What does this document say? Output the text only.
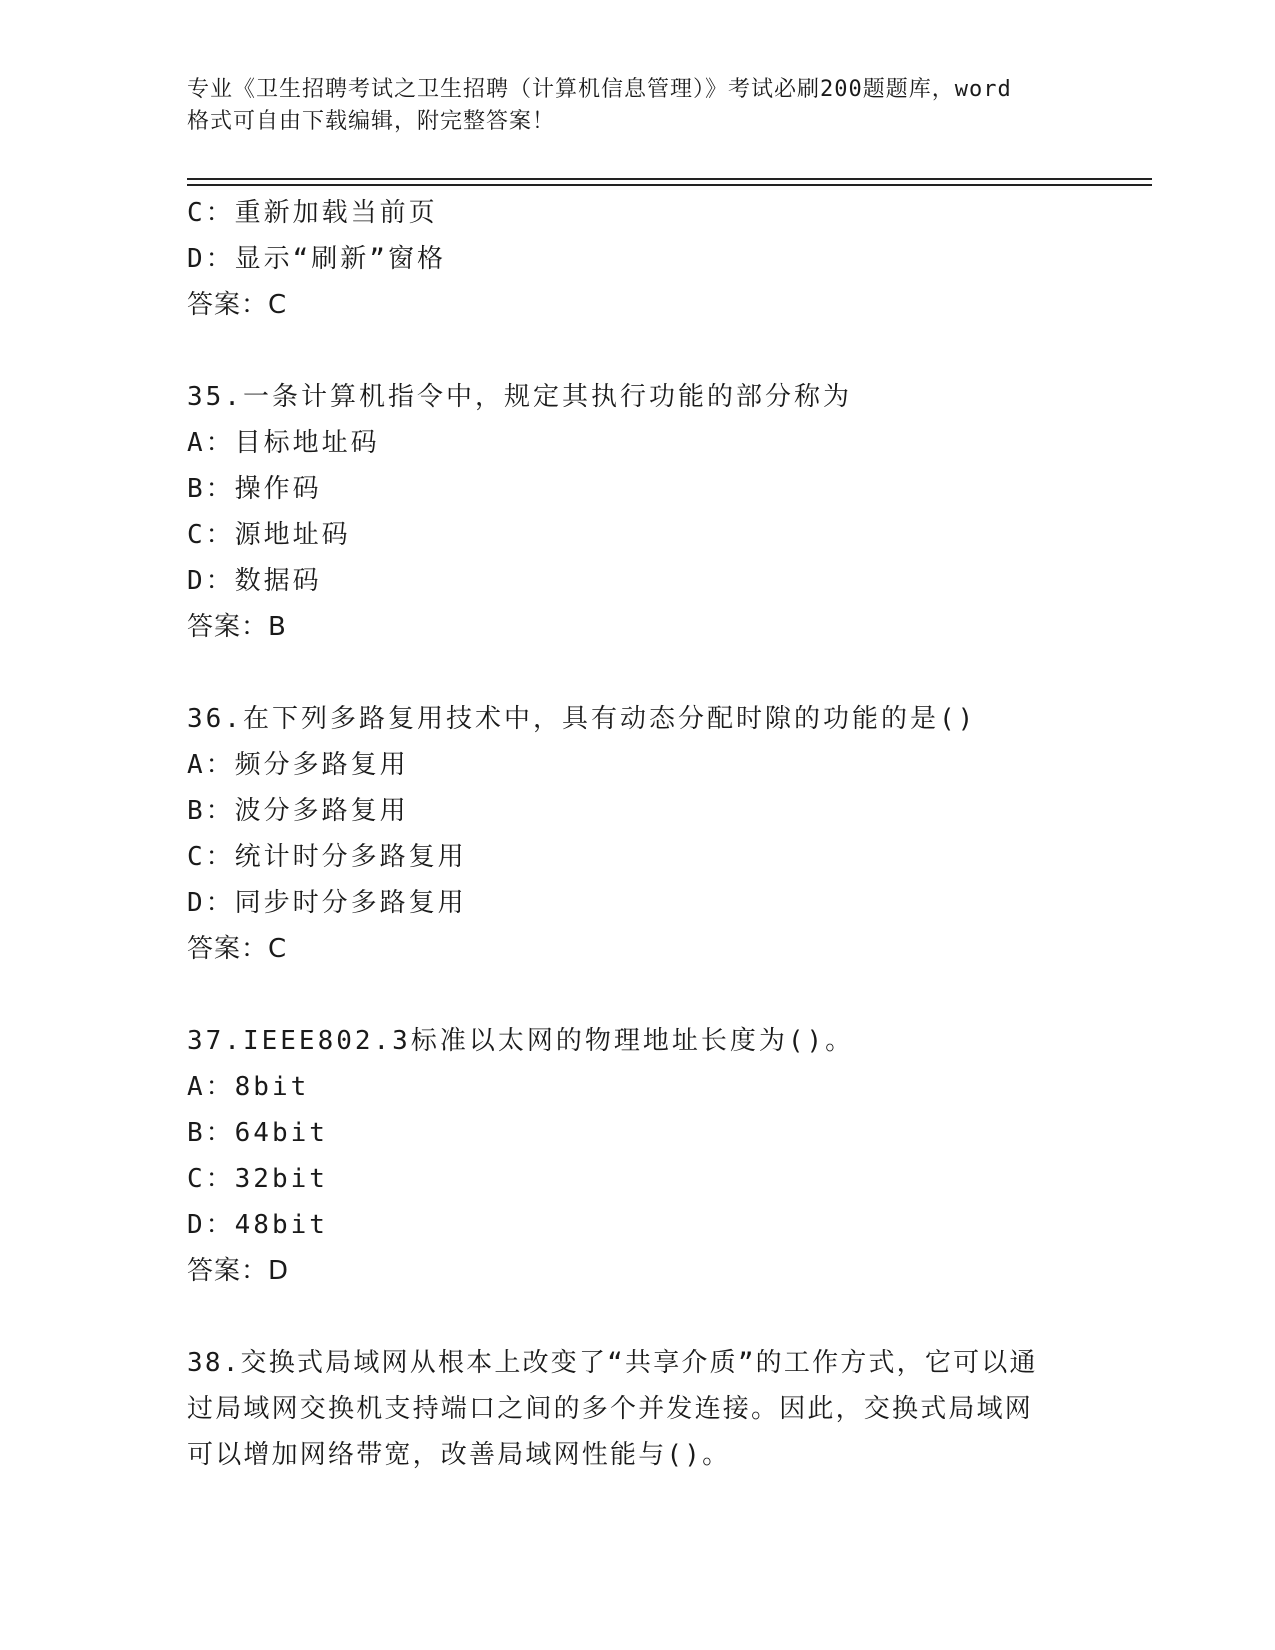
专业《卫生招聘考试之卫生招聘（计算机信息管理）》考试必刷200题题库，word
格式可自由下载编辑，附完整答案！
C：重新加载当前页
D：显示“刷新”窗格
答案：C
35.一条计算机指令中，规定其执行功能的部分称为
A：目标地址码
B：操作码
C：源地址码
D：数据码
答案：B
36.在下列多路复用技术中，具有动态分配时隙的功能的是()
A：频分多路复用
B：波分多路复用
C：统计时分多路复用
D：同步时分多路复用
答案：C
37.IEEE802.3标准以太网的物理地址长度为()。
A：8bit
B：64bit
C：32bit
D：48bit
答案：D
38.交换式局域网从根本上改变了“共享介质”的工作方式，它可以通
过局域网交换机支持端口之间的多个并发连接。因此，交换式局域网
可以增加网络带宽，改善局域网性能与()。
